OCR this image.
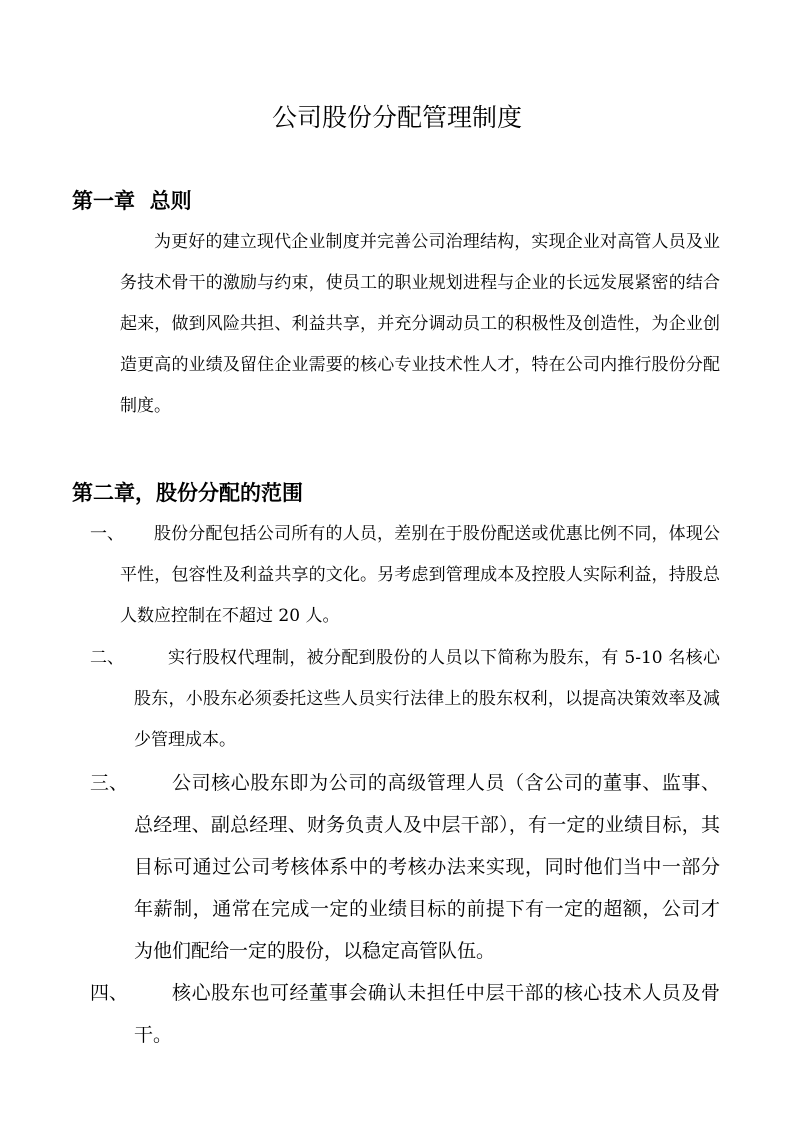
公司股份分配管理制度
第一章  总则

为更好的建立现代企业制度并完善公司治理结构，实现企业对高管人员及业务技术骨干的激励与约束，使员工的职业规划进程与企业的长远发展紧密的结合起来，做到风险共担、利益共享，并充分调动员工的积极性及创造性，为企业创造更高的业绩及留住企业需要的核心专业技术性人才，特在公司内推行股份分配制度。

第二章，股份分配的范围
一、	股份分配包括公司所有的人员，差别在于股份配送或优惠比例不同，体现公平性，包容性及利益共享的文化。另考虑到管理成本及控股人实际利益，持股总人数应控制在不超过 20 人。

二、	实行股权代理制，被分配到股份的人员以下简称为股东，有 5-10 名核心股东，小股东必须委托这些人员实行法律上的股东权利，以提高决策效率及减少管理成本。

三、	公司核心股东即为公司的高级管理人员（含公司的董事、监事、总经理、副总经理、财务负责人及中层干部），有一定的业绩目标，其目标可通过公司考核体系中的考核办法来实现，同时他们当中一部分年薪制，通常在完成一定的业绩目标的前提下有一定的超额，公司才为他们配给一定的股份，以稳定高管队伍。

四、	核心股东也可经董事会确认未担任中层干部的核心技术人员及骨干。
